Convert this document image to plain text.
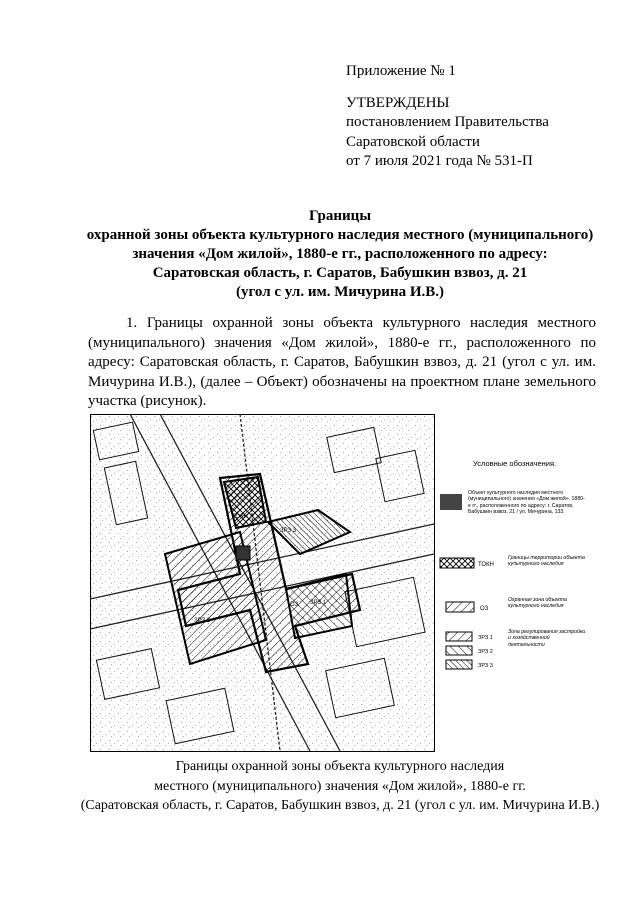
Приложение № 1
УТВЕРЖДЕНЫ
постановлением Правительства
Саратовской области
от 7 июля 2021 года № 531-П
Границы
охранной зоны объекта культурного наследия местного (муниципального)
значения «Дом жилой», 1880-е гг., расположенного по адресу:
Саратовская область, г. Саратов, Бабушкин взвоз, д. 21
(угол с ул. им. Мичурина И.В.)

1. Границы охранной зоны объекта культурного наследия местного (муниципального) значения «Дом жилой», 1880-е гг., расположенного по адресу: Саратовская область, г. Саратов, Бабушкин взвоз, д. 21 (угол с ул. им. Мичурина И.В.), (далее – Объект) обозначены на проектном плане земельного участка (рисунок).

ТОКН
ОЗ ЗРЗ 1
ЗРЗ 2
ЗРЗ 3
Условные обозначения.
Объект культурного наследия местного (муниципального) значения «Дом жилой», 1880-е гг., расположенного по адресу: г. Саратов, Бабушкин взвоз, 21 / ул. Мичурина, 133.
ТОКН
Границы территории объекта культурного наследия
ОЗ
Охранная зона объекта культурного наследия
ЗРЗ 1
ЗРЗ 2
ЗРЗ 3
Зона регулирования застройки и хозяйственной деятельности
Границы охранной зоны объекта культурного наследия
местного (муниципального) значения «Дом жилой», 1880-е гг.
(Саратовская область, г. Саратов, Бабушкин взвоз, д. 21 (угол с ул. им. Мичурина И.В.)
